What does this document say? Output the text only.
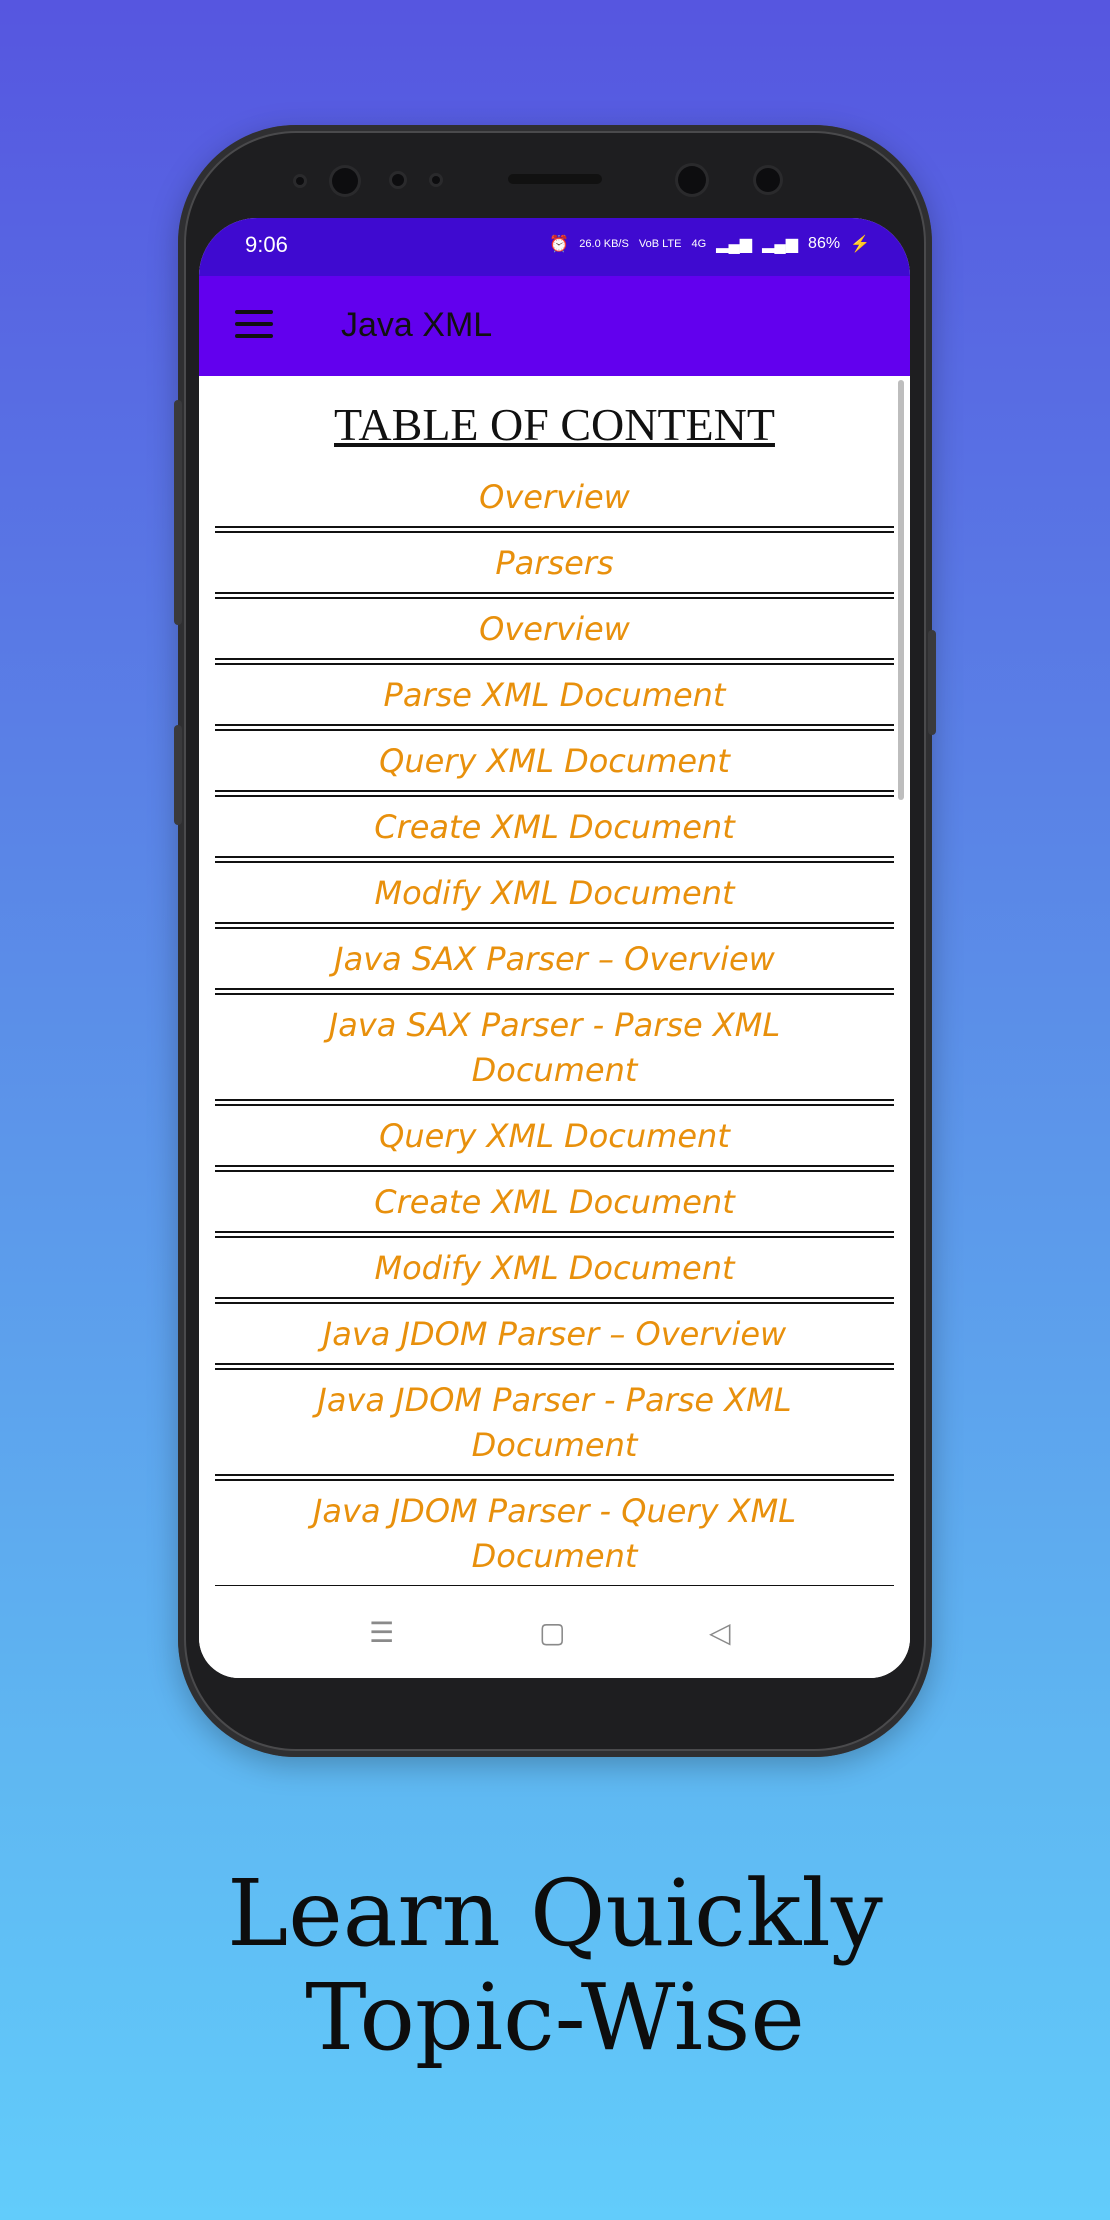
9:06	⏰ 26.0 KB/S VoB LTE 4G ▂▄▆ ▂▄▆ 86% ⚡
Java XML
TABLE OF CONTENT
Overview
Parsers
Overview
Parse XML Document
Query XML Document
Create XML Document
Modify XML Document
Java SAX Parser – Overview
Java SAX Parser - Parse XML Document
Query XML Document
Create XML Document
Modify XML Document
Java JDOM Parser – Overview
Java JDOM Parser - Parse XML Document
Java JDOM Parser - Query XML Document
☰	▢	◁
Learn Quickly
Topic-Wise
